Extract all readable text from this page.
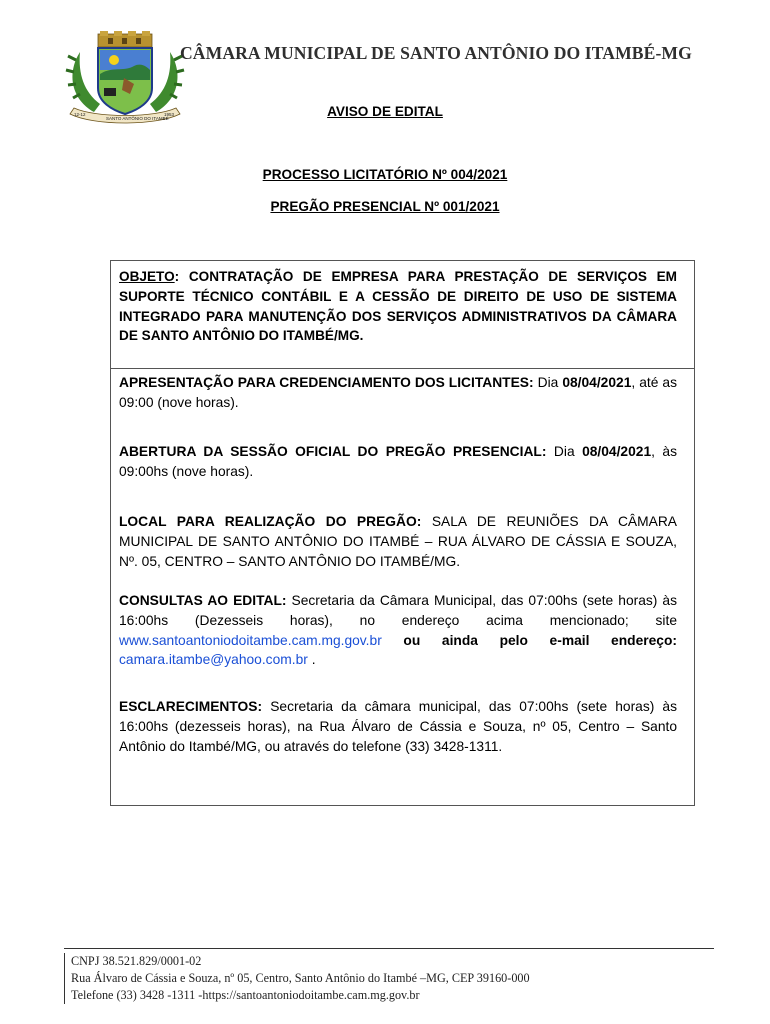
12-12
SANTO ANTÔNIO DO ITAMBÉ
1953
CÂMARA MUNICIPAL DE SANTO ANTÔNIO DO ITAMBÉ-MG
AVISO DE EDITAL
PROCESSO LICITATÓRIO Nº 004/2021
PREGÃO PRESENCIAL Nº 001/2021
OBJETO: CONTRATAÇÃO DE EMPRESA PARA PRESTAÇÃO DE SERVIÇOS EM SUPORTE TÉCNICO CONTÁBIL E A CESSÃO DE DIREITO DE USO DE SISTEMA INTEGRADO PARA MANUTENÇÃO DOS SERVIÇOS ADMINISTRATIVOS DA CÂMARA DE SANTO ANTÔNIO DO ITAMBÉ/MG.
APRESENTAÇÃO PARA CREDENCIAMENTO DOS LICITANTES: Dia 08/04/2021, até as 09:00 (nove horas).
ABERTURA DA SESSÃO OFICIAL DO PREGÃO PRESENCIAL: Dia 08/04/2021, às 09:00hs (nove horas).
LOCAL PARA REALIZAÇÃO DO PREGÃO: SALA DE REUNIÕES DA CÂMARA MUNICIPAL DE SANTO ANTÔNIO DO ITAMBÉ – RUA ÁLVARO DE CÁSSIA E SOUZA, Nº. 05, CENTRO – SANTO ANTÔNIO DO ITAMBÉ/MG.
CONSULTAS AO EDITAL: Secretaria da Câmara Municipal, das 07:00hs (sete horas) às 16:00hs (Dezesseis horas), no endereço acima mencionado; site www.santoantoniodoitambe.cam.mg.gov.br ou ainda pelo e-mail endereço: camara.itambe@yahoo.com.br .
ESCLARECIMENTOS: Secretaria da câmara municipal, das 07:00hs (sete horas) às 16:00hs (dezesseis horas), na Rua Álvaro de Cássia e Souza, nº 05, Centro – Santo Antônio do Itambé/MG, ou através do telefone (33) 3428-1311.
CNPJ 38.521.829/0001-02
Rua Álvaro de Cássia e Souza, nº 05, Centro, Santo Antônio do Itambé –MG, CEP 39160-000
Telefone (33) 3428 -1311 -https://santoantoniodoitambe.cam.mg.gov.br
